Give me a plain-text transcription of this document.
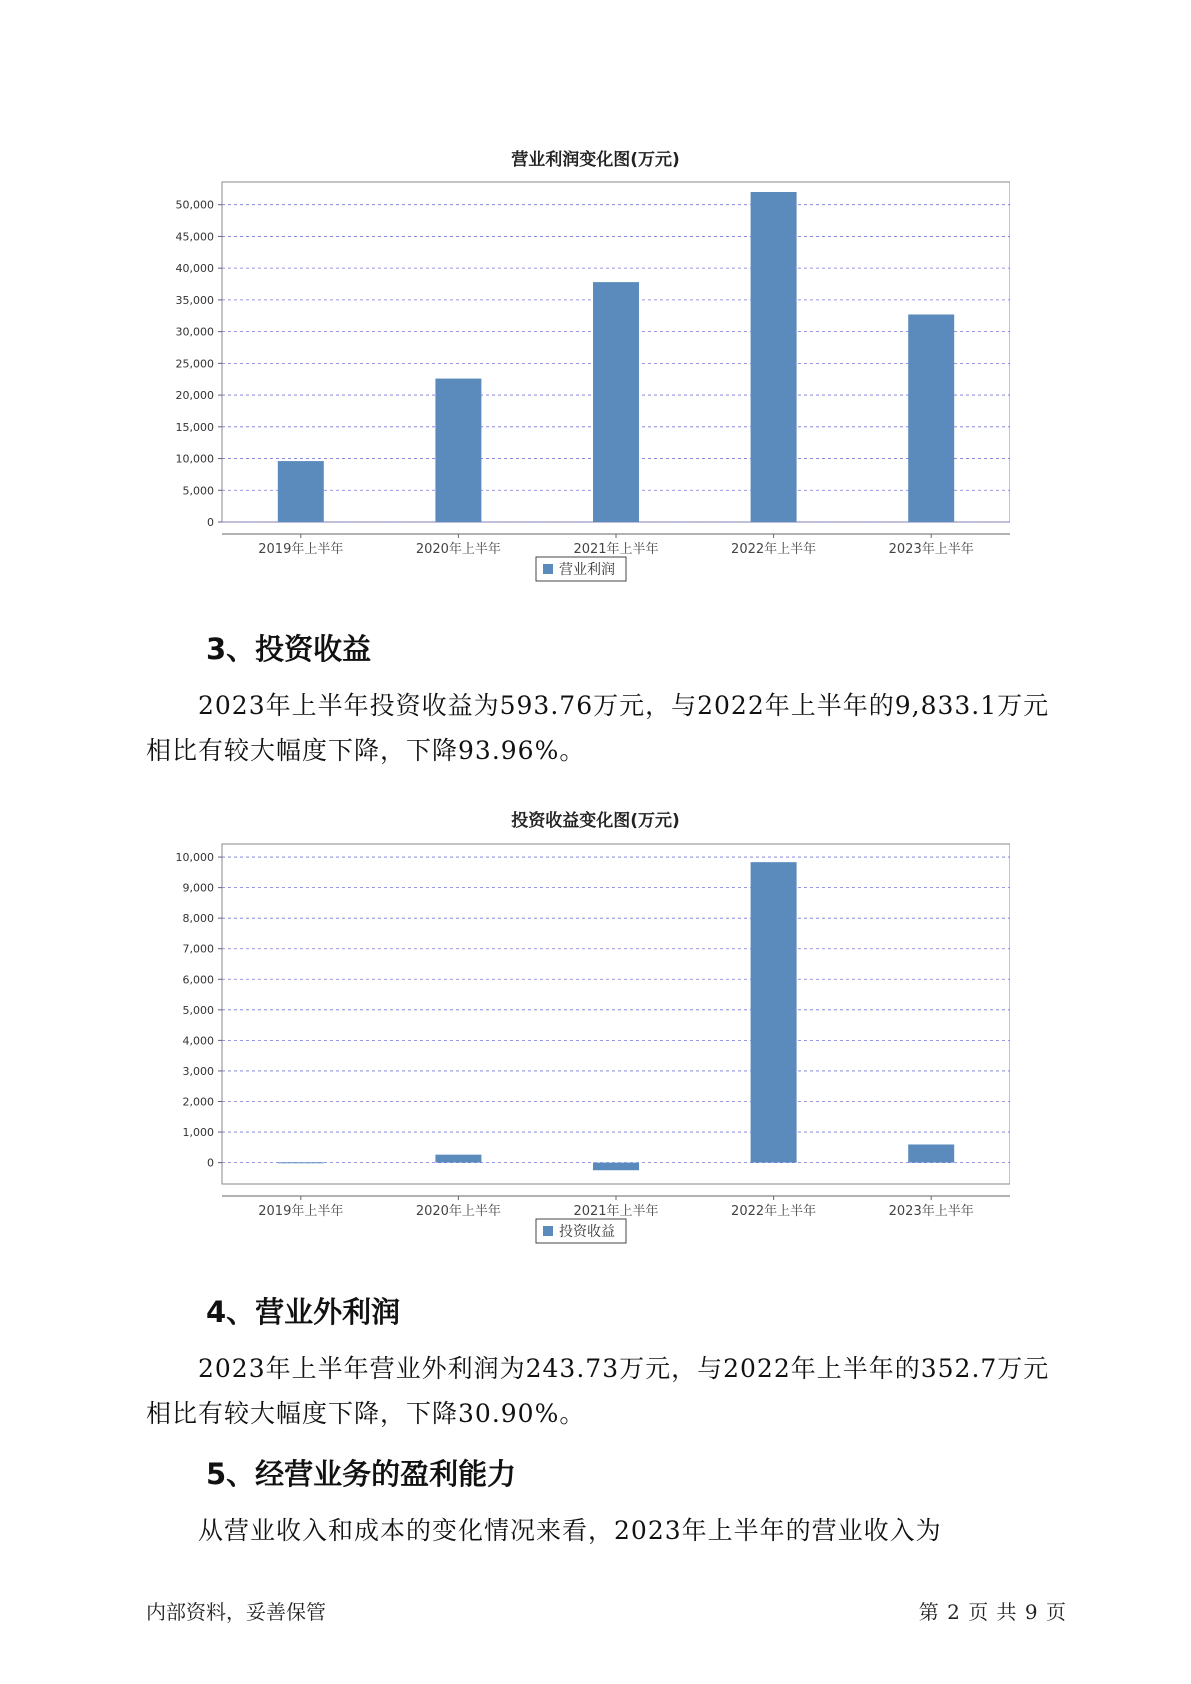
营业利润变化图(万元)
0
5,000
10,000
15,000
20,000
25,000
30,000
35,000
40,000
45,000
50,000
2019年上半年	2020年上半年	2021年上半年	2022年上半年	2023年上半年
营业利润
3、投资收益

2023年上半年投资收益为593.76万元，与2022年上半年的9,833.1万元相比有较大幅度下降，下降93.96%。

投资收益变化图(万元)
0
1,000
2,000
3,000
4,000
5,000
6,000
7,000
8,000
9,000
10,000
2019年上半年	2020年上半年	2021年上半年	2022年上半年	2023年上半年
投资收益
4、营业外利润

2023年上半年营业外利润为243.73万元，与2022年上半年的352.7万元相比有较大幅度下降，下降30.90%。

5、经营业务的盈利能力

从营业收入和成本的变化情况来看，2023年上半年的营业收入为

内部资料，妥善保管	第 2 页 共 9 页
